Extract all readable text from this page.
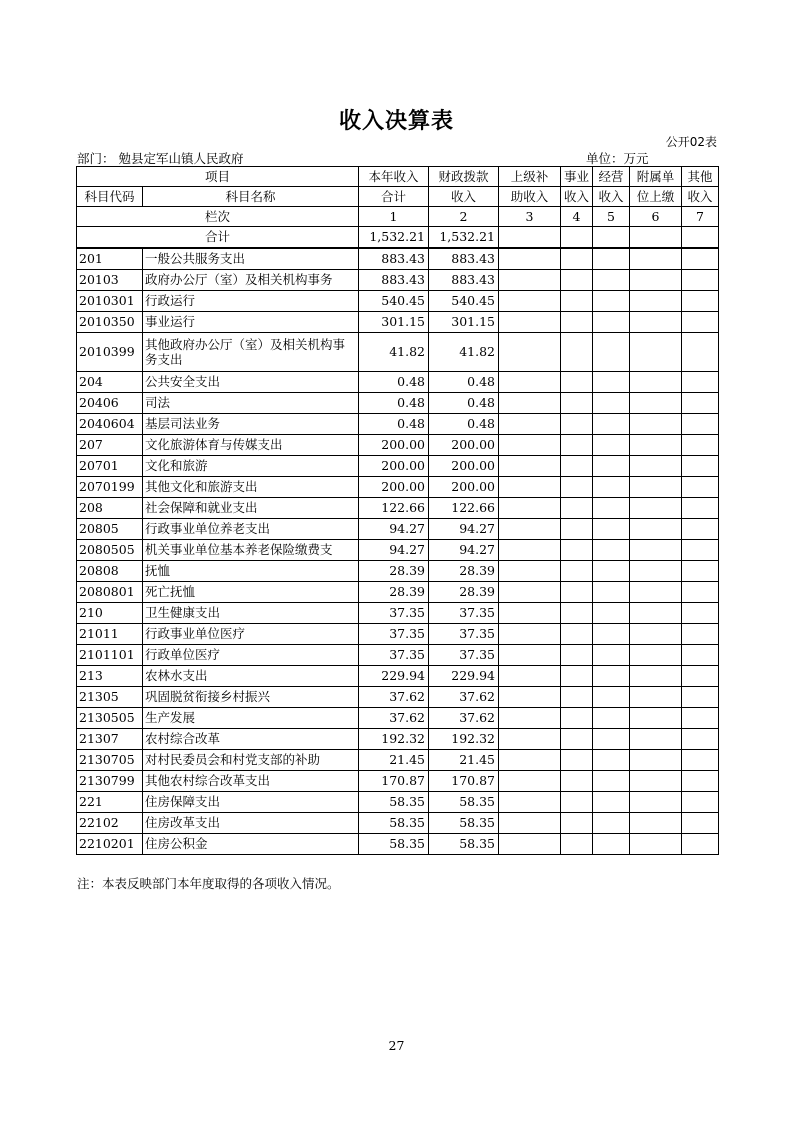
收入决算表
公开02表
部门： 勉县定军山镇人民政府	单位：万元
项目		本年收入	财政拨款	上级补	事业	经营	附属单	其他
科目代码	科目名称	合计	收入	助收入	收入	收入	位上缴	收入
栏次		1	2	3	4	5	6	7
合计		1,532.21	1,532.21					
201	一般公共服务支出	883.43	883.43					
20103	政府办公厅（室）及相关机构事务	883.43	883.43					
2010301	行政运行	540.45	540.45					
2010350	事业运行	301.15	301.15					
2010399	其他政府办公厅（室）及相关机构事务支出	41.82	41.82					
204	公共安全支出	0.48	0.48					
20406	司法	0.48	0.48					
2040604	基层司法业务	0.48	0.48					
207	文化旅游体育与传媒支出	200.00	200.00					
20701	文化和旅游	200.00	200.00					
2070199	其他文化和旅游支出	200.00	200.00					
208	社会保障和就业支出	122.66	122.66					
20805	行政事业单位养老支出	94.27	94.27					
2080505	机关事业单位基本养老保险缴费支	94.27	94.27					
20808	抚恤	28.39	28.39					
2080801	死亡抚恤	28.39	28.39					
210	卫生健康支出	37.35	37.35					
21011	行政事业单位医疗	37.35	37.35					
2101101	行政单位医疗	37.35	37.35					
213	农林水支出	229.94	229.94					
21305	巩固脱贫衔接乡村振兴	37.62	37.62					
2130505	生产发展	37.62	37.62					
21307	农村综合改革	192.32	192.32					
2130705	对村民委员会和村党支部的补助	21.45	21.45					
2130799	其他农村综合改革支出	170.87	170.87					
221	住房保障支出	58.35	58.35					
22102	住房改革支出	58.35	58.35					
2210201	住房公积金	58.35	58.35					
注：本表反映部门本年度取得的各项收入情况。
27
